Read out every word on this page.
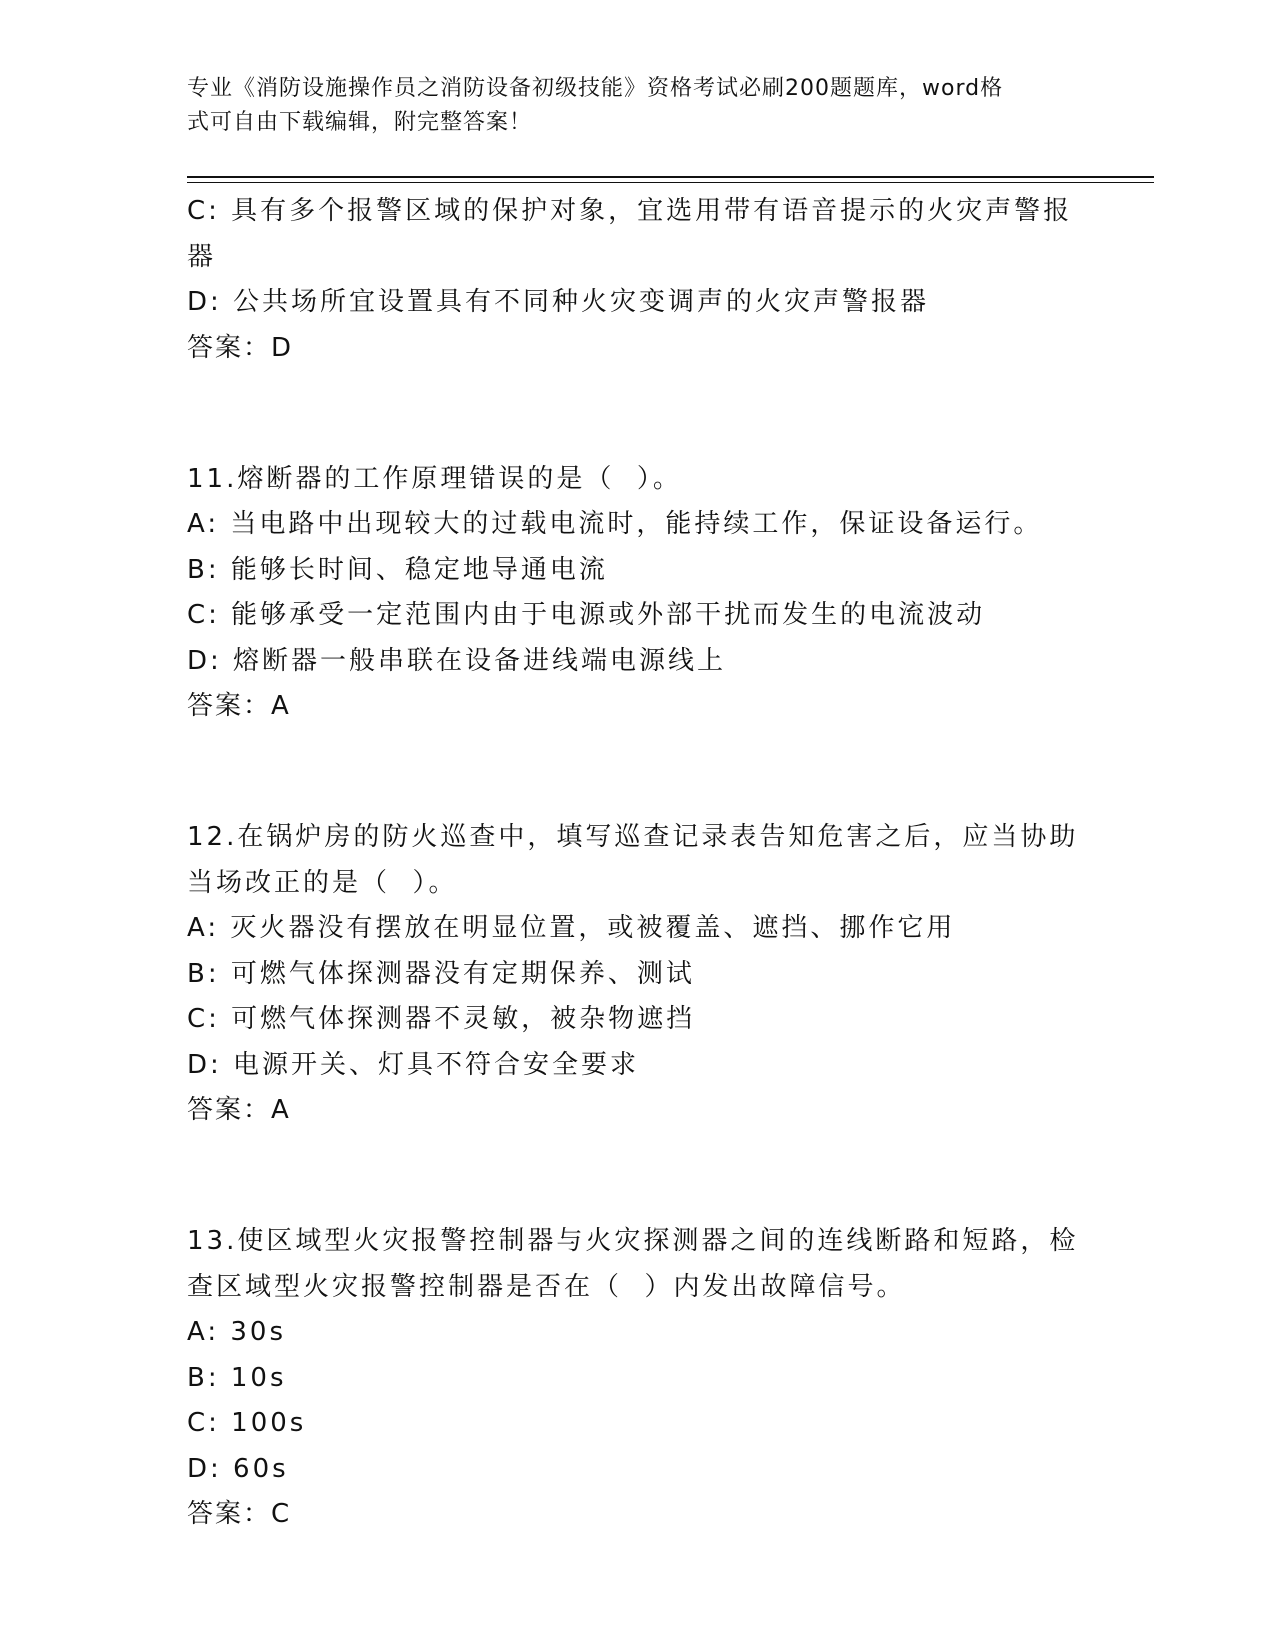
专业《消防设施操作员之消防设备初级技能》资格考试必刷200题题库，word格
式可自由下载编辑，附完整答案！
C: 具有多个报警区域的保护对象，宜选用带有语音提示的火灾声警报
器
D: 公共场所宜设置具有不同种火灾变调声的火灾声警报器
答案：D
11.熔断器的工作原理错误的是（  ）。
A: 当电路中出现较大的过载电流时，能持续工作，保证设备运行。
B: 能够长时间、稳定地导通电流
C: 能够承受一定范围内由于电源或外部干扰而发生的电流波动
D: 熔断器一般串联在设备进线端电源线上
答案：A
12.在锅炉房的防火巡查中，填写巡查记录表告知危害之后，应当协助
当场改正的是（  ）。
A: 灭火器没有摆放在明显位置，或被覆盖、遮挡、挪作它用
B: 可燃气体探测器没有定期保养、测试
C: 可燃气体探测器不灵敏，被杂物遮挡
D: 电源开关、灯具不符合安全要求
答案：A
13.使区域型火灾报警控制器与火灾探测器之间的连线断路和短路，检
查区域型火灾报警控制器是否在（  ）内发出故障信号。
A: 30s
B: 10s
C: 100s
D: 60s
答案：C
